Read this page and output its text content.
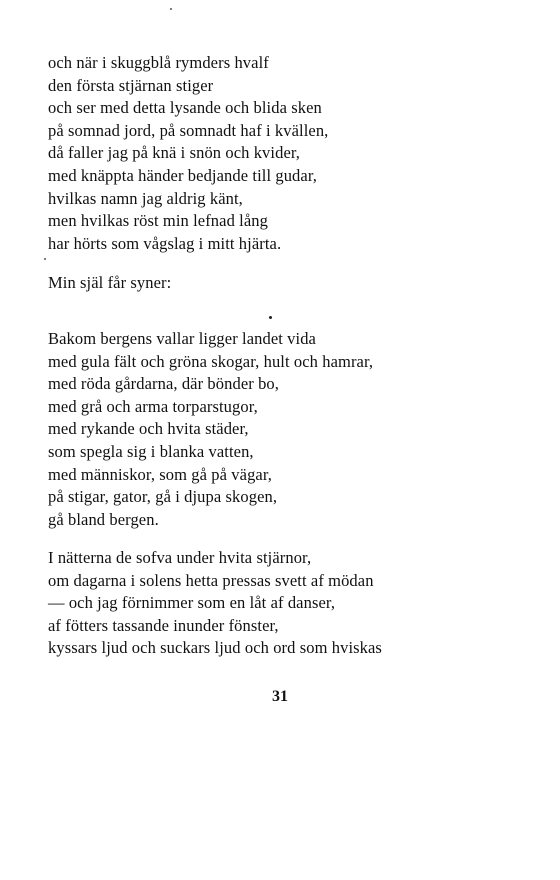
och när i skuggblå rymders hvalf
den första stjärnan stiger
och ser med detta lysande och blida sken
på somnad jord, på somnadt haf i kvällen,
då faller jag på knä i snön och kvider,
med knäppta händer bedjande till gudar,
hvilkas namn jag aldrig känt,
men hvilkas röst min lefnad lång
har hörts som vågslag i mitt hjärta.
Min själ får syner:
Bakom bergens vallar ligger landet vida
med gula fält och gröna skogar, hult och hamrar,
med röda gårdarna, där bönder bo,
med grå och arma torparstugor,
med rykande och hvita städer,
som spegla sig i blanka vatten,
med människor, som gå på vägar,
på stigar, gator, gå i djupa skogen,
gå bland bergen.
I nätterna de sofva under hvita stjärnor,
om dagarna i solens hetta pressas svett af mödan
— och jag förnimmer som en låt af danser,
af fötters tassande inunder fönster,
kyssars ljud och suckars ljud och ord som hviskas
31
